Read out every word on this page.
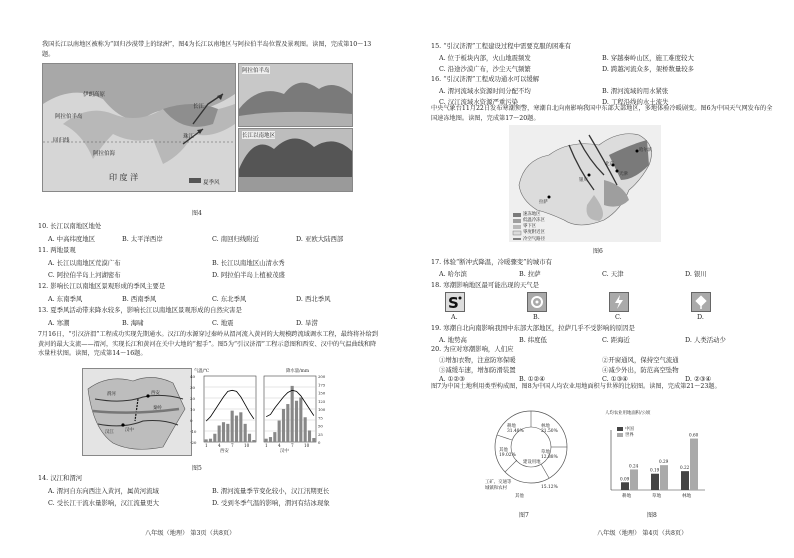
我国长江以南地区被称为“回归沙漠带上的绿洲”，图4为长江以南地区与阿拉伯半岛位置及景观图。读图，完成第10～13题。
伊朗高原
阿拉伯半岛
回归线
阿拉伯海
印 度 洋
长江
珠江
夏季风
阿拉伯半岛
长江以南地区
图4
10. 长江以南地区地处
A. 中高纬度地区	B. 太平洋西岸	C. 南回归线附近	D. 亚欧大陆西部
11. 两地景观
A. 长江以南地区荒漠广布	B. 长江以南地区山清水秀
C. 阿拉伯半岛上河湖密布	D. 阿拉伯半岛上植被茂盛
12. 影响长江以南地区景观形成的季风主要是
A. 东南季风	B. 西南季风	C. 东北季风	D. 西北季风
13. 夏季风活动带来降水较多，影响长江以南地区景观形成的自然灾害是
A. 寒潮	B. 海啸	C. 地震	D. 旱涝
7月16日，“引汉济渭”工程成功实现先期通水。汉江的水源穿过秦岭从渭河流入黄河的大规模跨流域调水工程，最终将补给到黄河的最大支流——渭河，实现长江和黄河在关中大地的“握手”。图5为“引汉济渭”工程示意图和西安、汉中的气温曲线和降水量柱状图。读图，完成第14～16题。
渭河
汉江
秦岭
西安
汉中
1 4 7 10	1 4 7 10
40
30
20
10
0
-10
-20
200
175
150
125
100
75
50
25
0
气温/℃	降水量/mm
西安	汉中
图5
14. 汉江和渭河
A. 渭河自东向西注入黄河，属黄河流域	B. 渭河流量季节变化较小，汉江汛期更长
C. 受长江干流水量影响，汉江流量更大	D. 受到冬季气温的影响，渭河有结冰现象
八年级（地理） 第3页（共8页）
15. “引汉济渭”工程建设过程中需要克服的困难有
A. 位于板块内部，火山地震频发	B. 穿越秦岭山区，施工难度较大
C. 沿途沙漠广布，沙尘天气频繁	D. 跨越河流众多，架桥数量较多
16. “引汉济渭”工程成功通水可以缓解
A. 渭河流域水资源时间分配不均	B. 渭河流域的用水紧张
C. 汉江流域水资源严重污染	D. 工程沿线的水土流失
中央气象台11月22日发布寒潮预警，寒潮自北向南影响我国中东部大部地区，多地体验冷暖剧变。图6为中国天气网发布的全国速冻地图。读图，完成第17～20题。
速冻地区
低温冷冻区
零下区
零度附近区
冷空气路径
哈尔滨
拉萨
银川
天津
北京
图6
17. 体验“断冲式降温，冷暖骤变”的城市有
A. 哈尔滨	B. 拉萨	C. 天津	D. 银川
18. 寒潮影响地区最可能出现的天气是
S
A.	B.	C.	D.
19. 寒潮自北向南影响我国中东部大部地区，拉萨几乎不受影响的原因是
A. 地势高	B. 纬度低	C. 距海近	D. 人类活动少
20. 为应对寒潮影响，人们应
①增加衣物，注意防寒保暖	②开窗通风，保持空气流通
③减缓车速，增加防滑装置	④减少外出，防范高空坠物
A. ①②③	B. ①②④	C. ①③④	D. ②③④
图7为中国土地利用类型构成图，图8为中国人均农业用地面积与世界的比较图。读图，完成第21～23题。
耕地
31.48%
林地
21.50%
草地
12.88%
建设用地
15.12%
其他
19.02%
工矿、交通等
城镇和农村
其他
图7
人均农业用地面积/公顷
0.09
0.24
耕地
0.19
0.29
草地
0.22
0.60
林地
中国
世界
图8
八年级（地理） 第4页（共8页）
